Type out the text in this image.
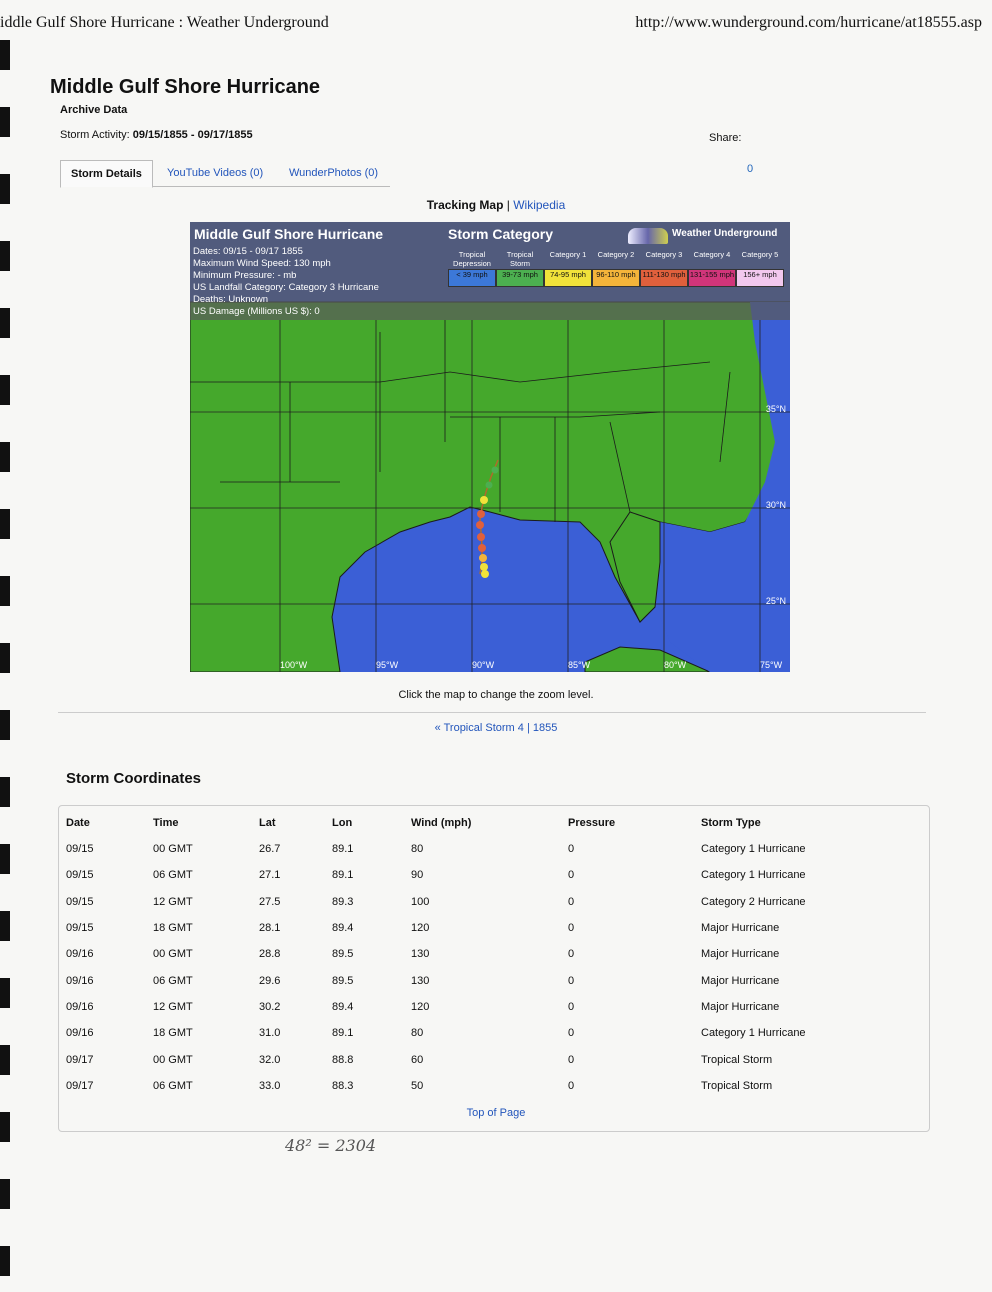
iddle Gulf Shore Hurricane : Weather Underground	http://www.wunderground.com/hurricane/at18555.asp
Middle Gulf Shore Hurricane
Archive Data
Storm Activity: 09/15/1855 - 09/17/1855	Share:
0
Storm Details	YouTube Videos (0)	WunderPhotos (0)
Tracking Map | Wikipedia
Middle Gulf Shore Hurricane
Dates: 09/15 - 09/17 1855
Maximum Wind Speed: 130 mph
Minimum Pressure: - mb
US Landfall Category: Category 3 Hurricane
Deaths: Unknown
US Damage (Millions US $): 0
Storm Category	Weather Underground
Tropical Depression
< 39 mph
Tropical Storm
39-73 mph
Category 1
74-95 mph
Category 2
96-110 mph
Category 3
111-130 mph
Category 4
131-155 mph
Category 5
156+ mph
35°N
30°N
25°N
100°W	95°W	90°W	85°W	80°W	75°W
Click the map to change the zoom level.
« Tropical Storm 4 | 1855
Storm Coordinates
Date	Time	Lat	Lon	Wind (mph)	Pressure	Storm Type
09/15	00 GMT	26.7	89.1	80	0	Category 1 Hurricane
09/15	06 GMT	27.1	89.1	90	0	Category 1 Hurricane
09/15	12 GMT	27.5	89.3	100	0	Category 2 Hurricane
09/15	18 GMT	28.1	89.4	120	0	Major Hurricane
09/16	00 GMT	28.8	89.5	130	0	Major Hurricane
09/16	06 GMT	29.6	89.5	130	0	Major Hurricane
09/16	12 GMT	30.2	89.4	120	0	Major Hurricane
09/16	18 GMT	31.0	89.1	80	0	Category 1 Hurricane
09/17	00 GMT	32.0	88.8	60	0	Tropical Storm
09/17	06 GMT	33.0	88.3	50	0	Tropical Storm
Top of Page
48² = 2304
